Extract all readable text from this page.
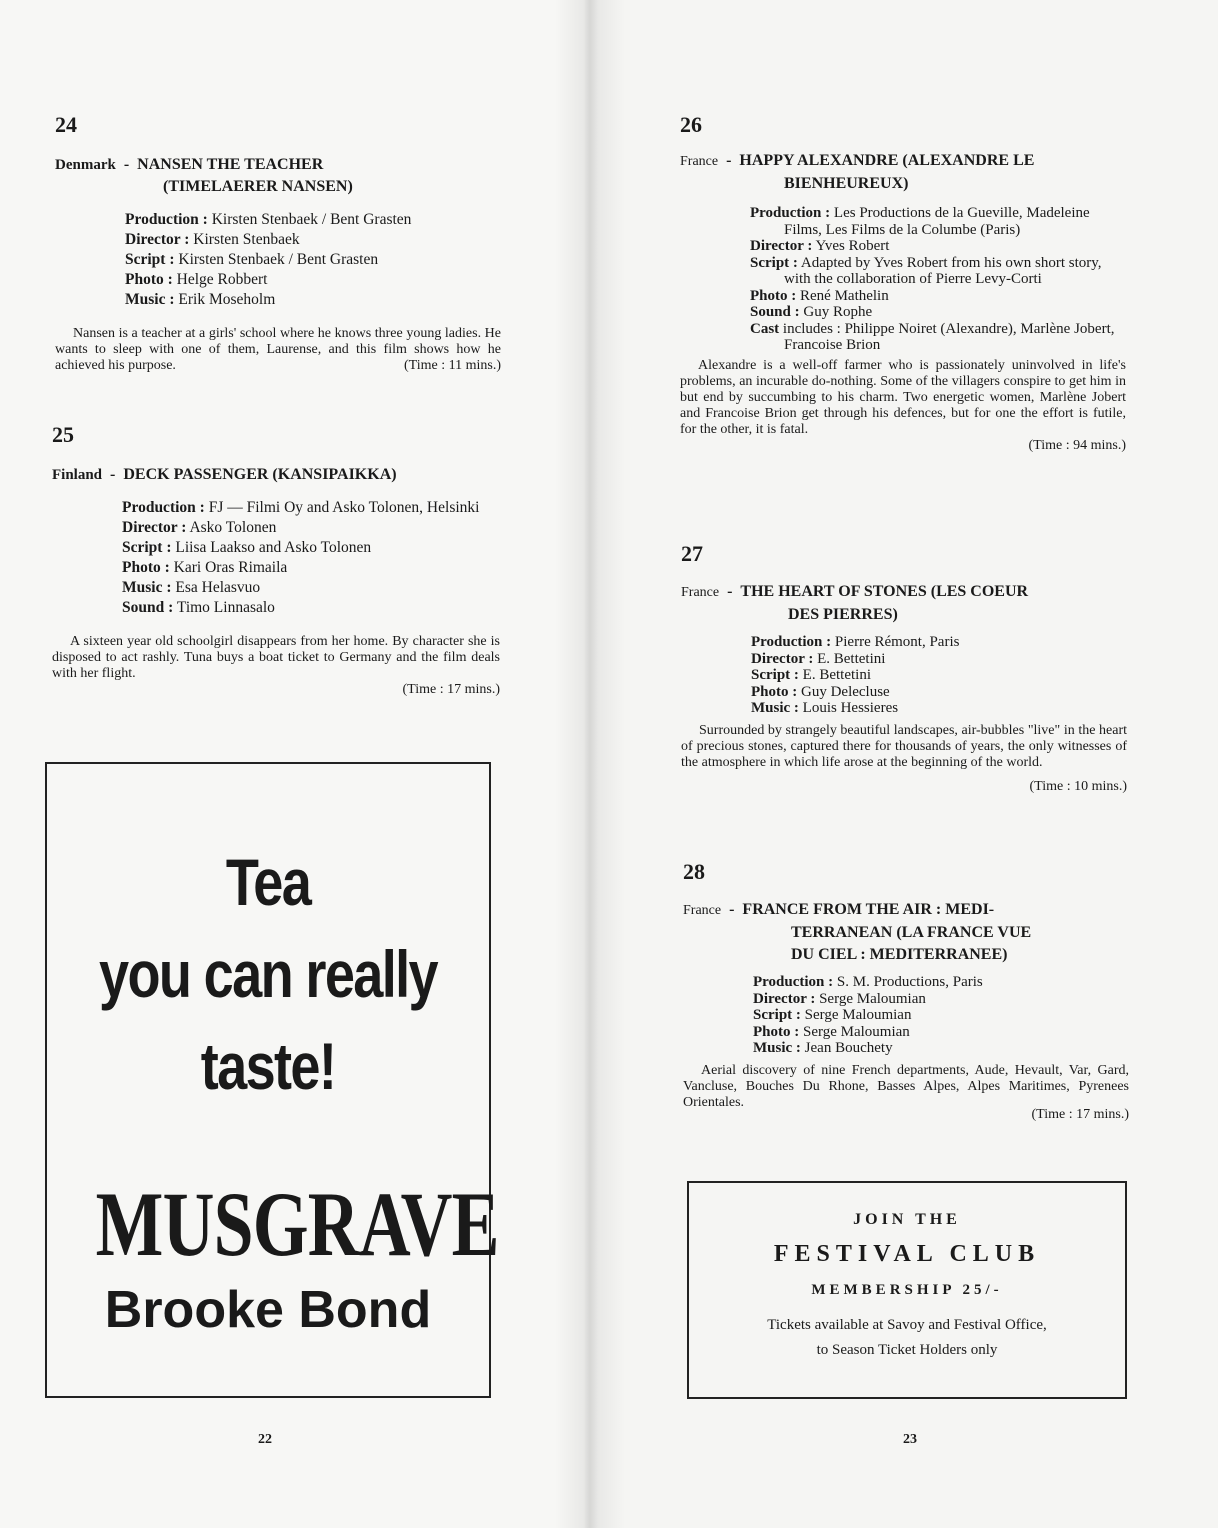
24
Denmark - NANSEN THE TEACHER
(TIMELAERER NANSEN)
Production : Kirsten Stenbaek / Bent Grasten
Director : Kirsten Stenbaek
Script : Kirsten Stenbaek / Bent Grasten
Photo : Helge Robbert
Music : Erik Moseholm
Nansen is a teacher at a girls' school where he knows three young ladies. He wants to sleep with one of them, Laurense, and this film shows how he achieved his purpose.	(Time : 11 mins.)
25
Finland - DECK PASSENGER (KANSIPAIKKA)
Production : FJ — Filmi Oy and Asko Tolonen, Helsinki
Director : Asko Tolonen
Script : Liisa Laakso and Asko Tolonen
Photo : Kari Oras Rimaila
Music : Esa Helasvuo
Sound : Timo Linnasalo
A sixteen year old schoolgirl disappears from her home. By character she is disposed to act rashly. Tuna buys a boat ticket to Germany and the film deals with her flight.
(Time : 17 mins.)
Tea
you can really
taste!
MUSGRAVE
Brooke Bond
22
26
France - HAPPY ALEXANDRE (ALEXANDRE LE
BIENHEUREUX)
Production : Les Productions de la Gueville, Madeleine Films, Les Films de la Columbe (Paris)
Director : Yves Robert
Script : Adapted by Yves Robert from his own short story, with the collaboration of Pierre Levy-Corti
Photo : René Mathelin
Sound : Guy Rophe
Cast includes : Philippe Noiret (Alexandre), Marlène Jobert, Francoise Brion
Alexandre is a well-off farmer who is passionately uninvolved in life's problems, an incurable do-nothing. Some of the villagers conspire to get him in but end by succumbing to his charm. Two energetic women, Marlène Jobert and Francoise Brion get through his defences, but for one the effort is futile, for the other, it is fatal.
(Time : 94 mins.)
27
France - THE HEART OF STONES (LES COEUR
DES PIERRES)
Production : Pierre Rémont, Paris
Director : E. Bettetini
Script : E. Bettetini
Photo : Guy Delecluse
Music : Louis Hessieres
Surrounded by strangely beautiful landscapes, air-bubbles "live" in the heart of precious stones, captured there for thousands of years, the only witnesses of the atmosphere in which life arose at the beginning of the world.
(Time : 10 mins.)
28
France - FRANCE FROM THE AIR : MEDI-
TERRANEAN (LA FRANCE VUE
DU CIEL : MEDITERRANEE)
Production : S. M. Productions, Paris
Director : Serge Maloumian
Script : Serge Maloumian
Photo : Serge Maloumian
Music : Jean Bouchety
Aerial discovery of nine French departments, Aude, Hevault, Var, Gard, Vancluse, Bouches Du Rhone, Basses Alpes, Alpes Maritimes, Pyrenees Orientales.
(Time : 17 mins.)
23
JOIN THE
FESTIVAL CLUB
MEMBERSHIP 25/-
Tickets available at Savoy and Festival Office,
to Season Ticket Holders only
